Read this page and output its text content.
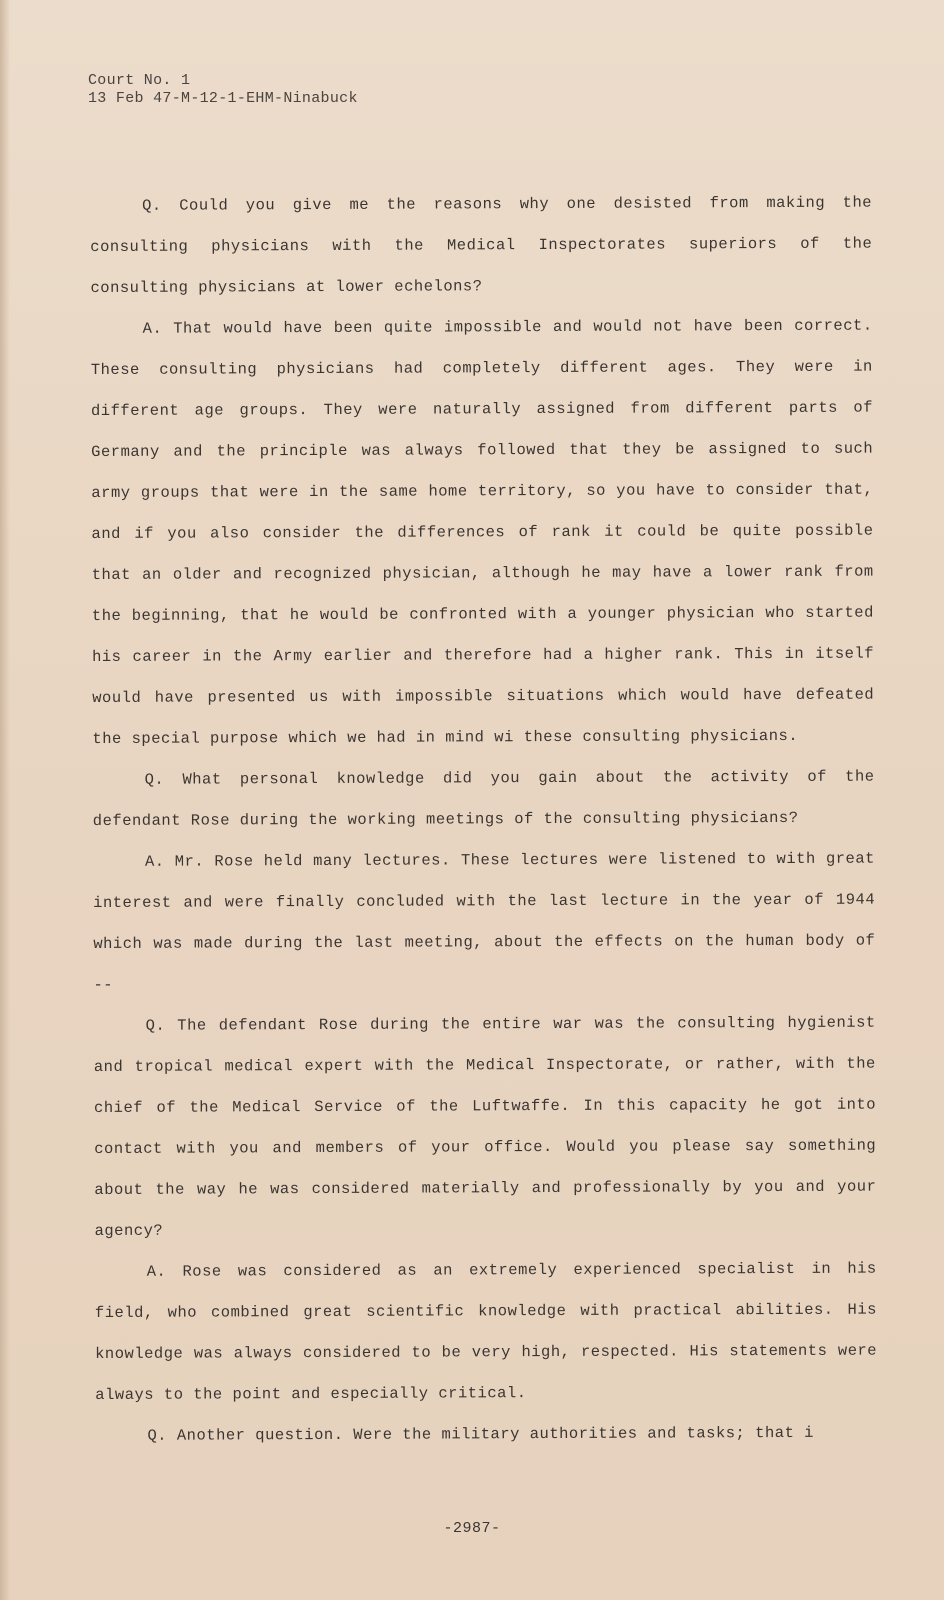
Court No. 1
13 Feb 47-M-12-1-EHM-Ninabuck

Q. Could you give me the reasons why one desisted from making the consulting physicians with the Medical Inspectorates superiors of the consulting physicians at lower echelons?

A. That would have been quite impossible and would not have been correct. These consulting physicians had completely different ages. They were in different age groups. They were naturally assigned from different parts of Germany and the principle was always followed that they be assigned to such army groups that were in the same home territory, so you have to consider that, and if you also consider the differences of rank it could be quite possible that an older and recognized physician, although he may have a lower rank from the beginning, that he would be confronted with a younger physician who started his career in the Army earlier and therefore had a higher rank. This in itself would have presented us with impossible situations which would have defeated the special purpose which we had in mind wi these consulting physicians.

Q. What personal knowledge did you gain about the activity of the defendant Rose during the working meetings of the consulting physicians?

A. Mr. Rose held many lectures. These lectures were listened to with great interest and were finally concluded with the last lecture in the year of 1944 which was made during the last meeting, about the effects on the human body of --

Q. The defendant Rose during the entire war was the consulting hygienist and tropical medical expert with the Medical Inspectorate, or rather, with the chief of the Medical Service of the Luftwaffe. In this capacity he got into contact with you and members of your office. Would you please say something about the way he was considered materially and professionally by you and your agency?

A. Rose was considered as an extremely experienced specialist in his field, who combined great scientific knowledge with practical abilities. His knowledge was always considered to be very high, respected. His statements were always to the point and especially critical.

Q. Another question. Were the military authorities and tasks; that i

-2987-
